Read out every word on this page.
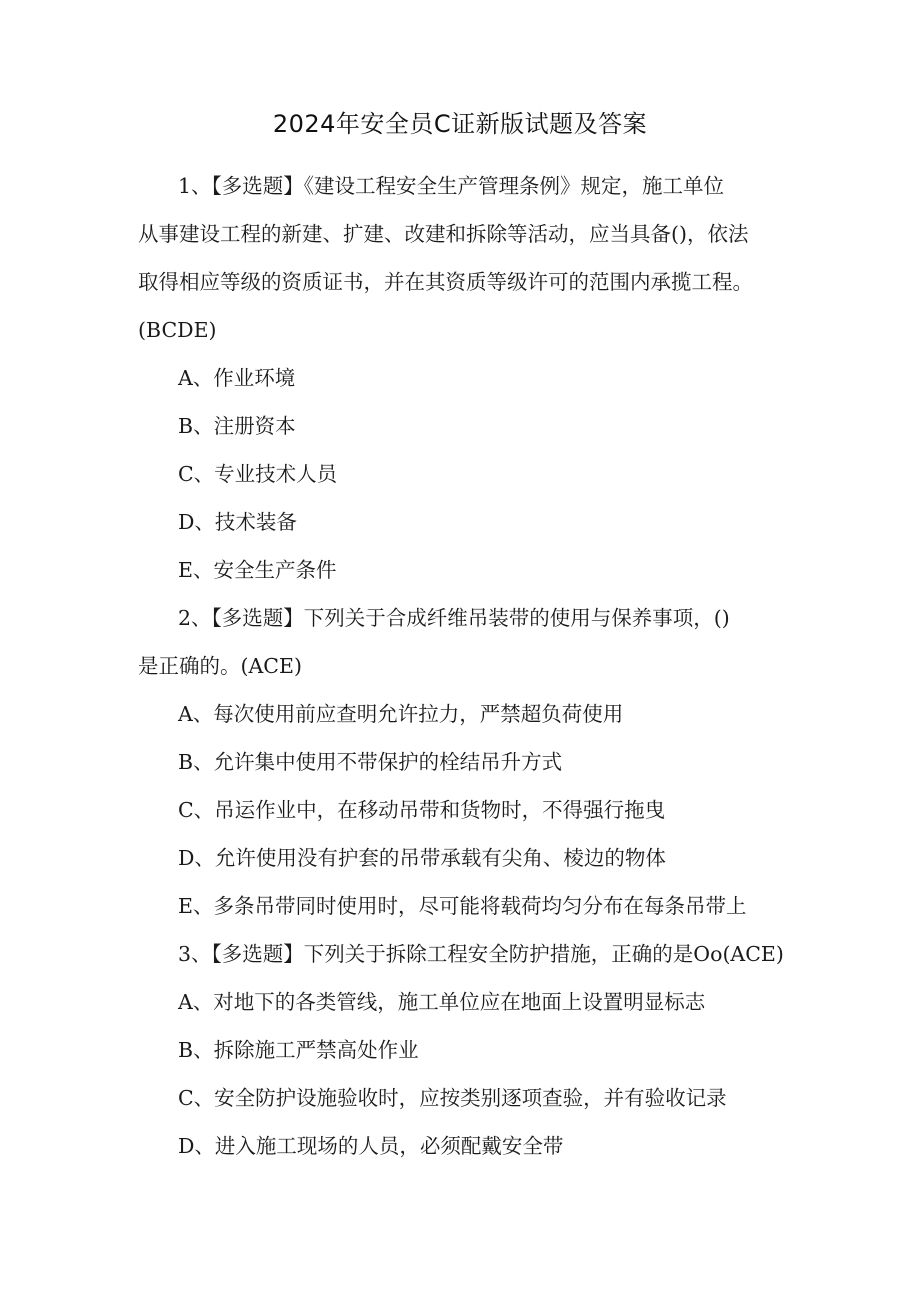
2024年安全员C证新版试题及答案
1、【多选题】《建设工程安全生产管理条例》规定，施工单位
从事建设工程的新建、扩建、改建和拆除等活动，应当具备()，依法
取得相应等级的资质证书，并在其资质等级许可的范围内承揽工程。
(BCDE)
A、作业环境
B、注册资本
C、专业技术人员
D、技术装备
E、安全生产条件
2、【多选题】下列关于合成纤维吊装带的使用与保养事项，()
是正确的。(ACE)
A、每次使用前应查明允许拉力，严禁超负荷使用
B、允许集中使用不带保护的栓结吊升方式
C、吊运作业中，在移动吊带和货物时，不得强行拖曳
D、允许使用没有护套的吊带承载有尖角、棱边的物体
E、多条吊带同时使用时，尽可能将载荷均匀分布在每条吊带上
3、【多选题】下列关于拆除工程安全防护措施，正确的是Oo(ACE)
A、对地下的各类管线，施工单位应在地面上设置明显标志
B、拆除施工严禁高处作业
C、安全防护设施验收时，应按类别逐项查验，并有验收记录
D、进入施工现场的人员，必须配戴安全带
